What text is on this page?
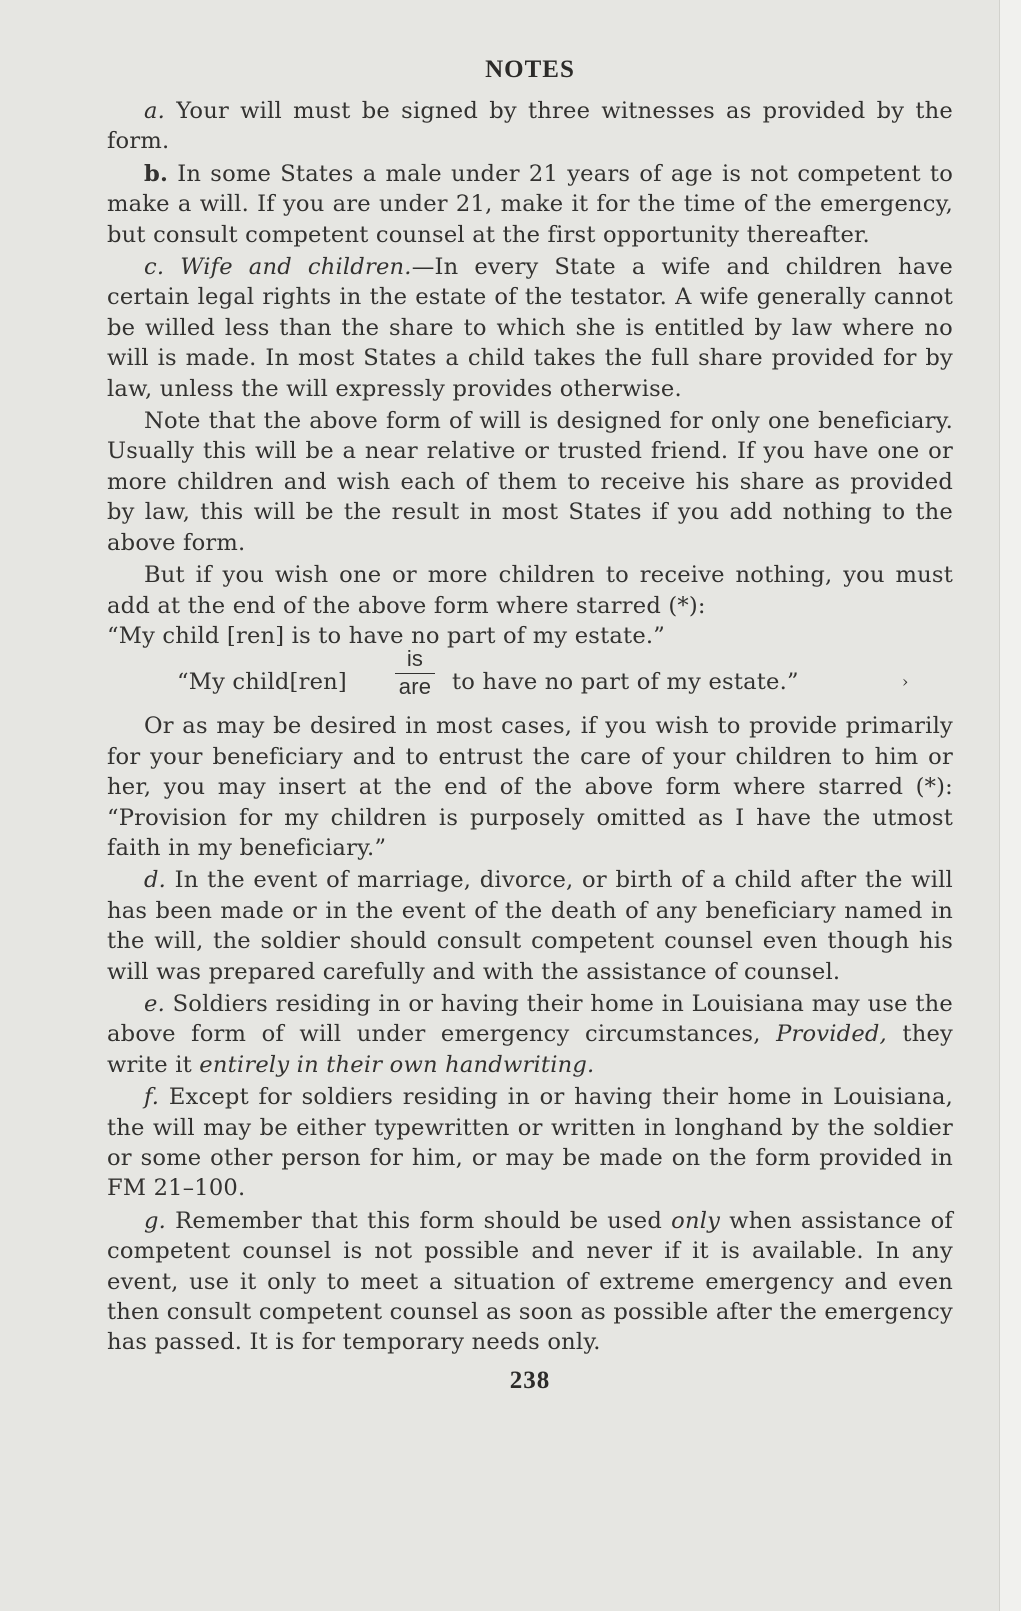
NOTES

a. Your will must be signed by three witnesses as provided by the form.

b. In some States a male under 21 years of age is not competent to make a will. If you are under 21, make it for the time of the emergency, but consult competent counsel at the first opportunity thereafter.

c. Wife and children.—In every State a wife and children have certain legal rights in the estate of the testator. A wife generally cannot be willed less than the share to which she is entitled by law where no will is made. In most States a child takes the full share provided for by law, unless the will expressly provides otherwise.

Note that the above form of will is designed for only one beneficiary. Usually this will be a near relative or trusted friend. If you have one or more children and wish each of them to receive his share as provided by law, this will be the result in most States if you add nothing to the above form.

But if you wish one or more children to receive nothing, you must add at the end of the above form where starred (*):
“My child [ren] is to have no part of my estate.”

“My child[ren]
is
are to have no part of my estate.”	›

Or as may be desired in most cases, if you wish to provide primarily for your beneficiary and to entrust the care of your children to him or her, you may insert at the end of the above form where starred (*): “Provision for my children is purposely omitted as I have the utmost faith in my beneficiary.”

d. In the event of marriage, divorce, or birth of a child after the will has been made or in the event of the death of any beneficiary named in the will, the soldier should consult competent counsel even though his will was prepared carefully and with the assistance of counsel.

e. Soldiers residing in or having their home in Louisiana may use the above form of will under emergency circumstances, Provided, they write it entirely in their own handwriting.

f. Except for soldiers residing in or having their home in Louisiana, the will may be either typewritten or written in longhand by the soldier or some other person for him, or may be made on the form provided in FM 21–100.

g. Remember that this form should be used only when assistance of competent counsel is not possible and never if it is available. In any event, use it only to meet a situation of extreme emergency and even then consult competent counsel as soon as possible after the emergency has passed. It is for temporary needs only.

238
